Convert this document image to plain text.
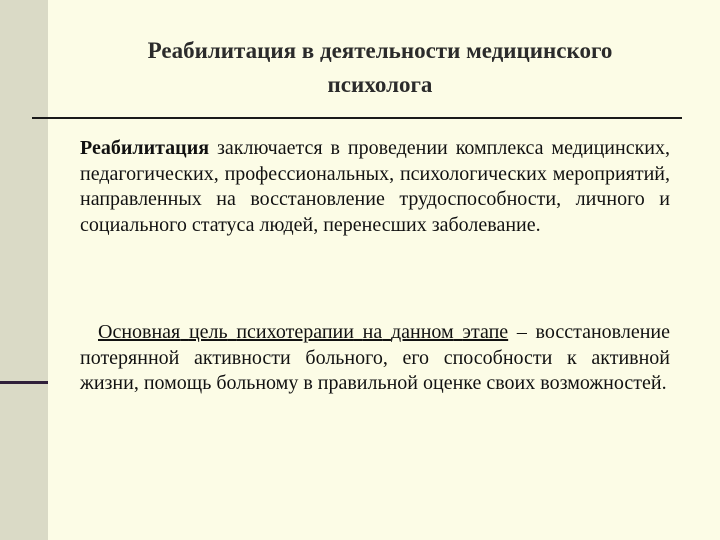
Реабилитация в деятельности медицинского
психолога
Реабилитация заключается в проведении комплекса медицинских, педагогических, профессиональных, психологических мероприятий, направленных на восстановление трудоспособности, личного и социального статуса людей, перенесших заболевание.
Основная цель психотерапии на данном этапе – восстановление потерянной активности больного, его способности к активной жизни, помощь больному в правильной оценке своих возможностей.
